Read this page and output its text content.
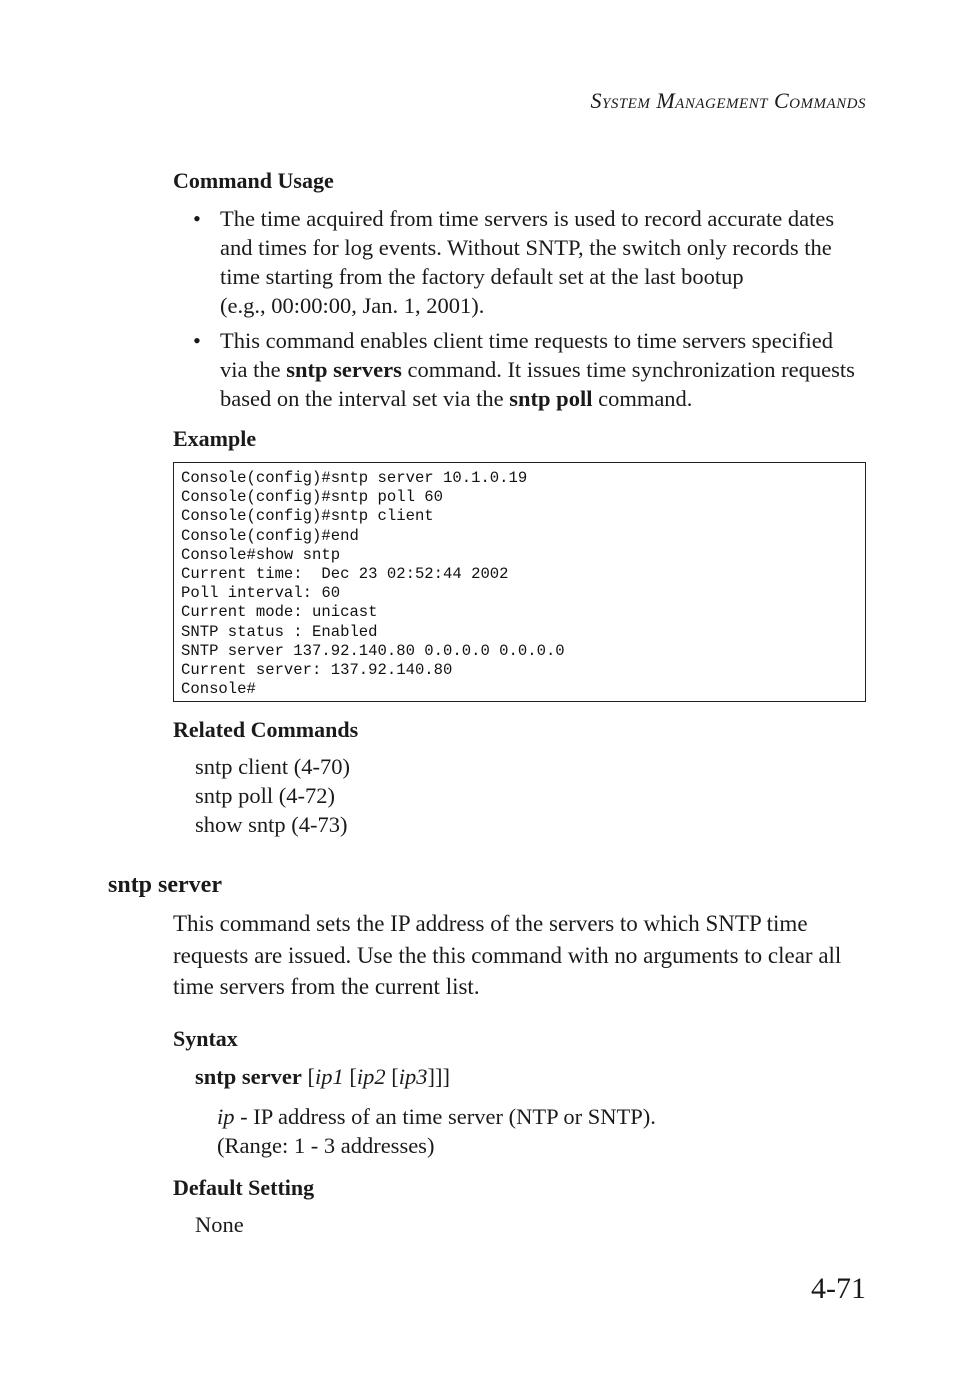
System Management Commands
Command Usage
• The time acquired from time servers is used to record accurate dates
and times for log events. Without SNTP, the switch only records the
time starting from the factory default set at the last bootup
(e.g., 00:00:00, Jan. 1, 2001).
• This command enables client time requests to time servers specified
via the sntp servers command. It issues time synchronization requests
based on the interval set via the sntp poll command.
Example
Console(config)#sntp server 10.1.0.19
Console(config)#sntp poll 60
Console(config)#sntp client
Console(config)#end
Console#show sntp
Current time:  Dec 23 02:52:44 2002
Poll interval: 60
Current mode: unicast
SNTP status : Enabled
SNTP server 137.92.140.80 0.0.0.0 0.0.0.0
Current server: 137.92.140.80
Console#
Related Commands
sntp client (4-70)
sntp poll (4-72)
show sntp (4-73)
sntp server
This command sets the IP address of the servers to which SNTP time
requests are issued. Use the this command with no arguments to clear all
time servers from the current list.
Syntax
sntp server [ip1 [ip2 [ip3]]]
ip - IP address of an time server (NTP or SNTP).
(Range: 1 - 3 addresses)
Default Setting
None
4-71
